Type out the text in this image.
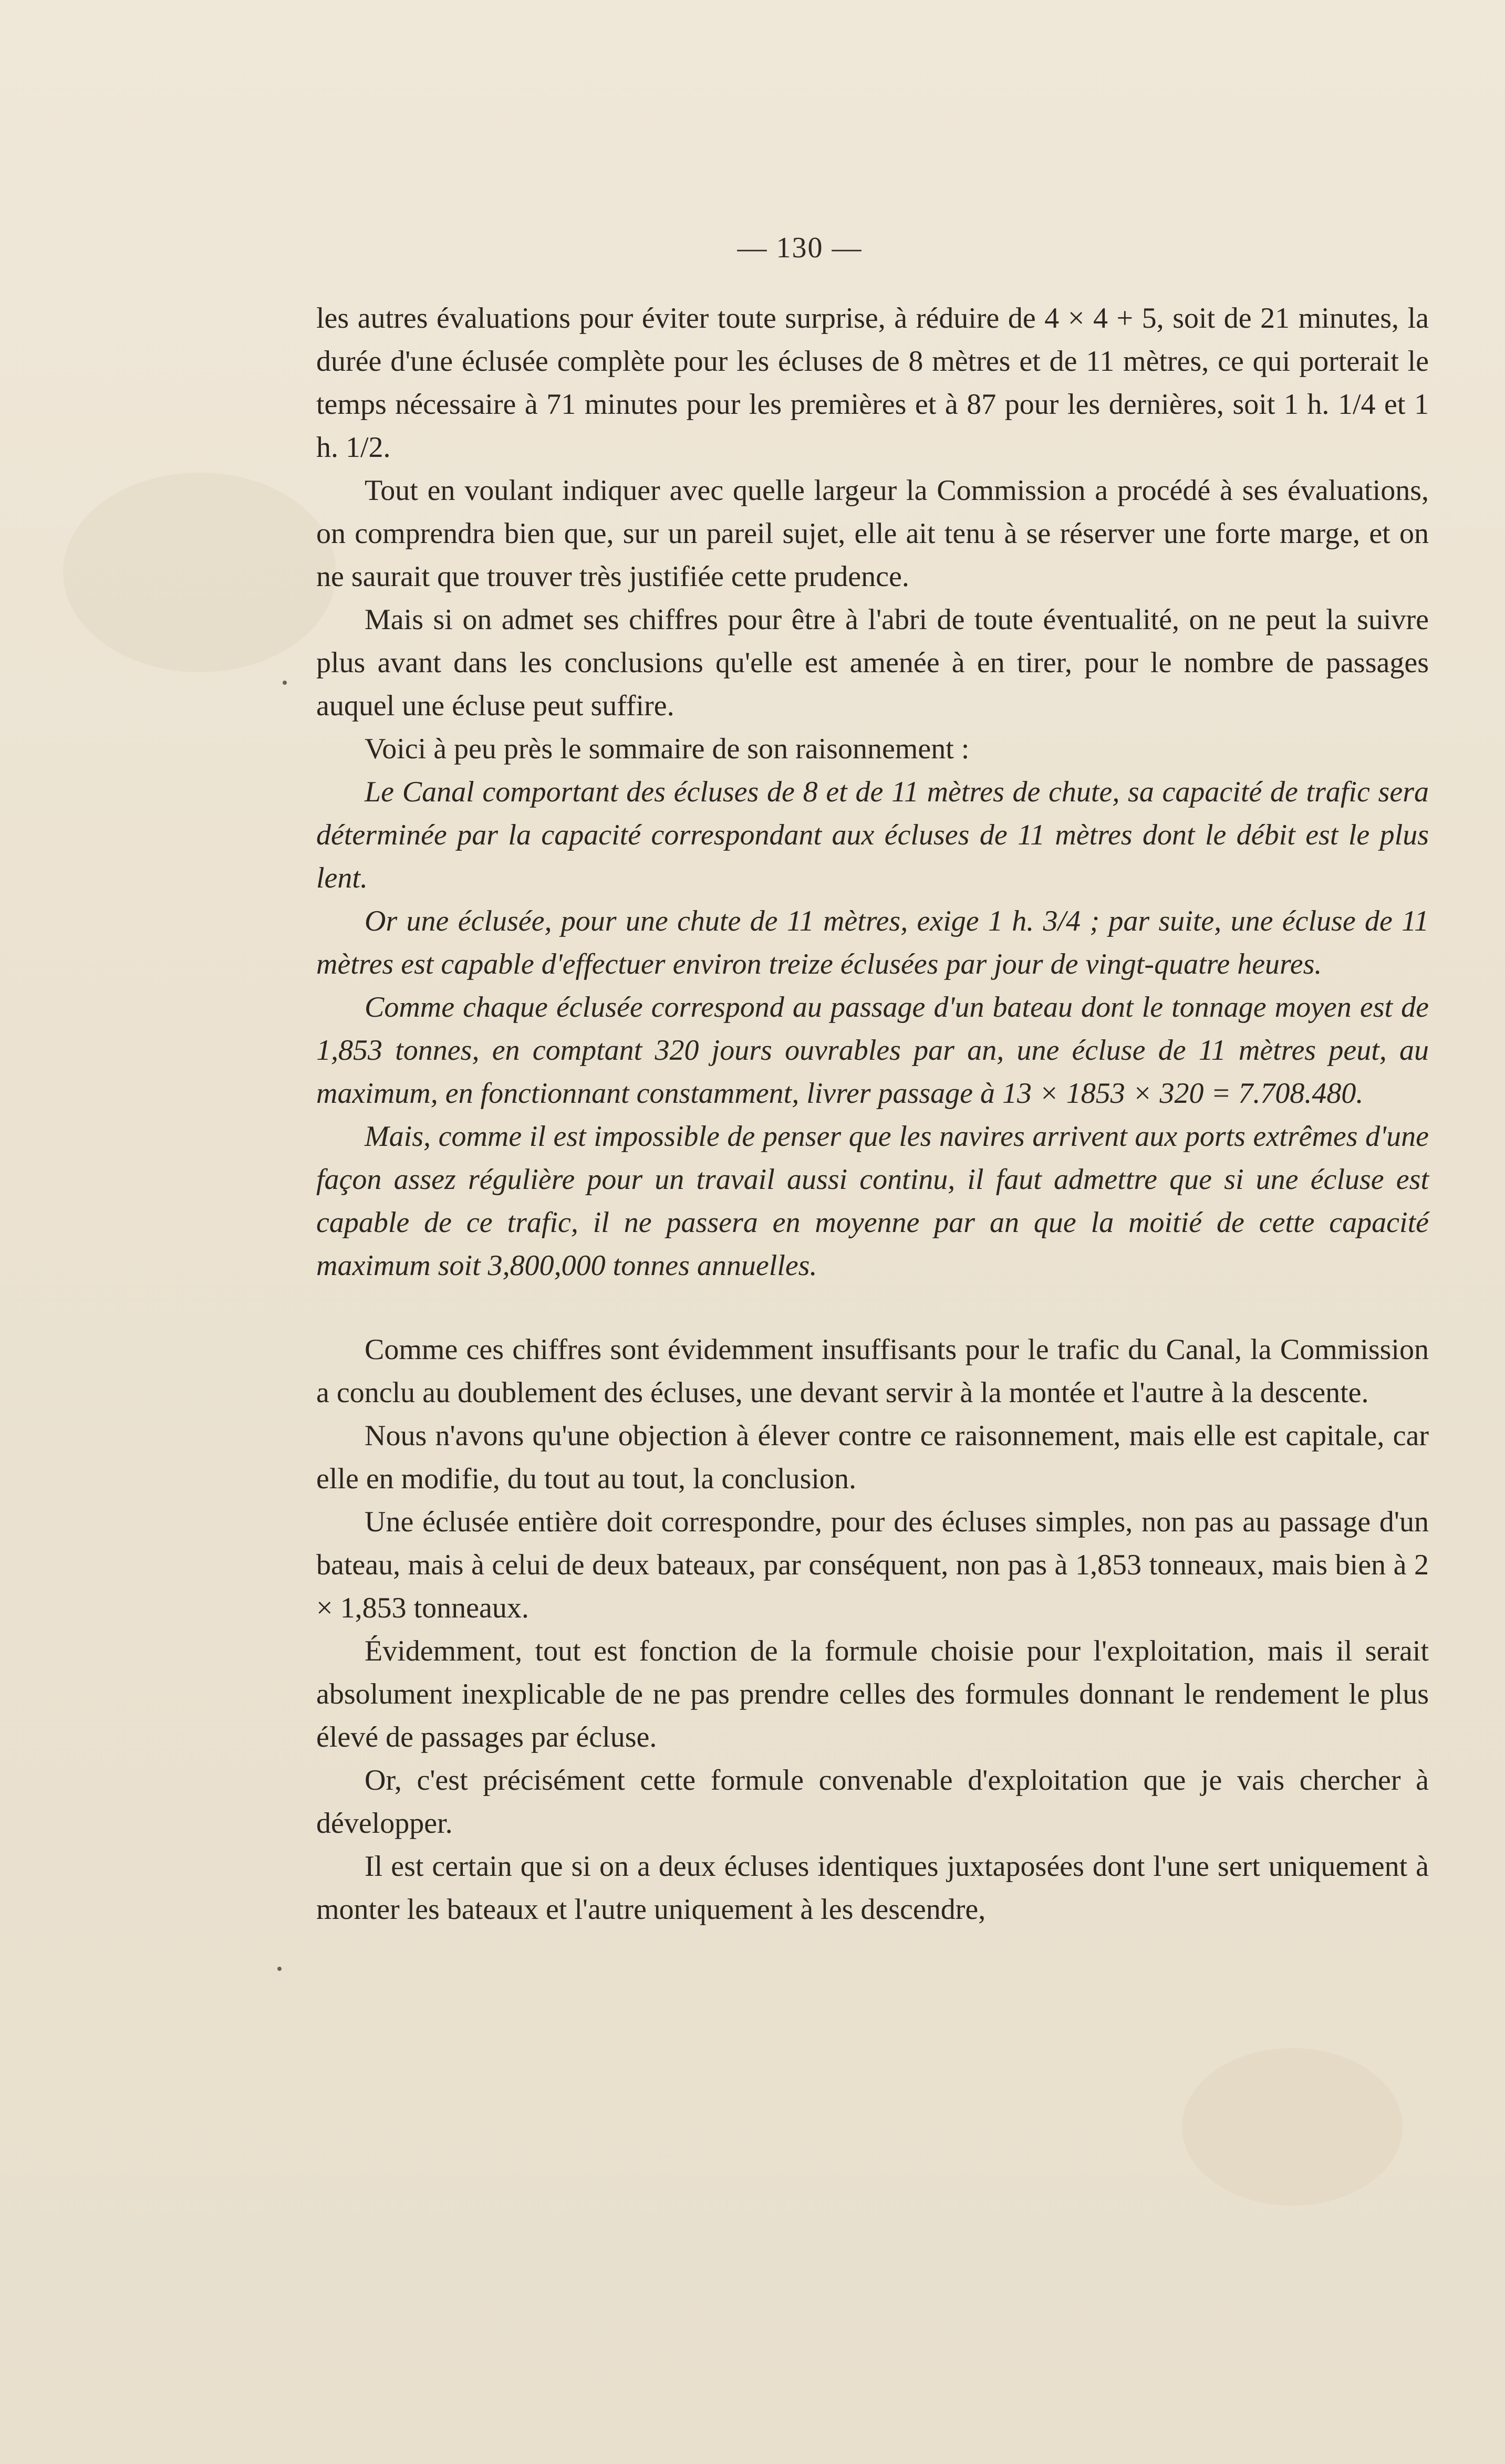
— 130 —

les autres évaluations pour éviter toute surprise, à réduire de 4 × 4 + 5, soit de 21 minutes, la durée d'une éclusée complète pour les écluses de 8 mètres et de 11 mètres, ce qui porterait le temps nécessaire à 71 minutes pour les premières et à 87 pour les dernières, soit 1 h. 1/4 et 1 h. 1/2.

Tout en voulant indiquer avec quelle largeur la Commission a procédé à ses évaluations, on comprendra bien que, sur un pareil sujet, elle ait tenu à se réserver une forte marge, et on ne saurait que trouver très justifiée cette prudence.

Mais si on admet ses chiffres pour être à l'abri de toute éventualité, on ne peut la suivre plus avant dans les conclusions qu'elle est amenée à en tirer, pour le nombre de passages auquel une écluse peut suffire.

Voici à peu près le sommaire de son raisonnement :

Le Canal comportant des écluses de 8 et de 11 mètres de chute, sa capacité de trafic sera déterminée par la capacité correspondant aux écluses de 11 mètres dont le débit est le plus lent.

Or une éclusée, pour une chute de 11 mètres, exige 1 h. 3/4 ; par suite, une écluse de 11 mètres est capable d'effectuer environ treize éclusées par jour de vingt-quatre heures.

Comme chaque éclusée correspond au passage d'un bateau dont le tonnage moyen est de 1,853 tonnes, en comptant 320 jours ouvrables par an, une écluse de 11 mètres peut, au maximum, en fonctionnant constamment, livrer passage à 13 × 1853 × 320 = 7.708.480.

Mais, comme il est impossible de penser que les navires arrivent aux ports extrêmes d'une façon assez régulière pour un travail aussi continu, il faut admettre que si une écluse est capable de ce trafic, il ne passera en moyenne par an que la moitié de cette capacité maximum soit 3,800,000 tonnes annuelles.

Comme ces chiffres sont évidemment insuffisants pour le trafic du Canal, la Commission a conclu au doublement des écluses, une devant servir à la montée et l'autre à la descente.

Nous n'avons qu'une objection à élever contre ce raisonnement, mais elle est capitale, car elle en modifie, du tout au tout, la conclusion.

Une éclusée entière doit correspondre, pour des écluses simples, non pas au passage d'un bateau, mais à celui de deux bateaux, par conséquent, non pas à 1,853 tonneaux, mais bien à 2 × 1,853 tonneaux.

Évidemment, tout est fonction de la formule choisie pour l'exploitation, mais il serait absolument inexplicable de ne pas prendre celles des formules donnant le rendement le plus élevé de passages par écluse.

Or, c'est précisément cette formule convenable d'exploitation que je vais chercher à développer.

Il est certain que si on a deux écluses identiques juxtaposées dont l'une sert uniquement à monter les bateaux et l'autre uniquement à les descendre,
